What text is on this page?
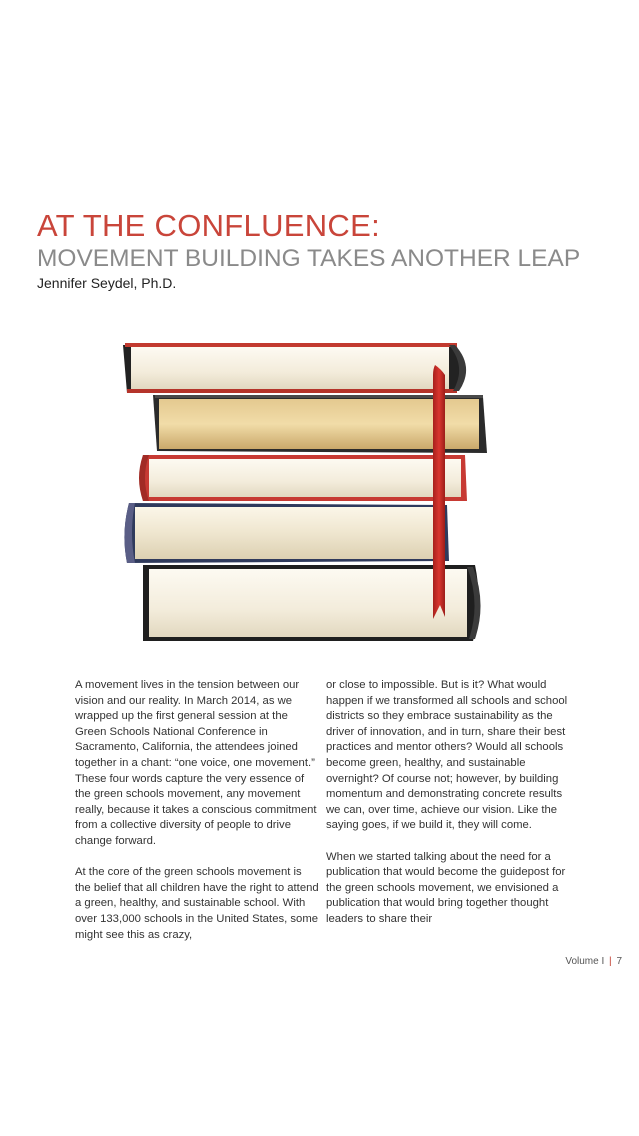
AT THE CONFLUENCE:
MOVEMENT BUILDING TAKES ANOTHER LEAP
Jennifer Seydel, Ph.D.

A movement lives in the tension between our vision and our reality. In March 2014, as we wrapped up the first general session at the Green Schools National Conference in Sacramento, California, the attendees joined together in a chant: “one voice, one movement.” These four words capture the very essence of the green schools movement, any movement really, because it takes a conscious commitment from a collective diversity of people to drive change forward.

At the core of the green schools movement is the belief that all children have the right to attend a green, healthy, and sustainable school. With over 133,000 schools in the United States, some might see this as crazy,

or close to impossible. But is it? What would happen if we transformed all schools and school districts so they embrace sustainability as the driver of innovation, and in turn, share their best practices and mentor others? Would all schools become green, healthy, and sustainable overnight? Of course not; however, by building momentum and demonstrating concrete results we can, over time, achieve our vision. Like the saying goes, if we build it, they will come.

When we started talking about the need for a publication that would become the guidepost for the green schools movement, we envisioned a publication that would bring together thought leaders to share their

Volume I | 7
